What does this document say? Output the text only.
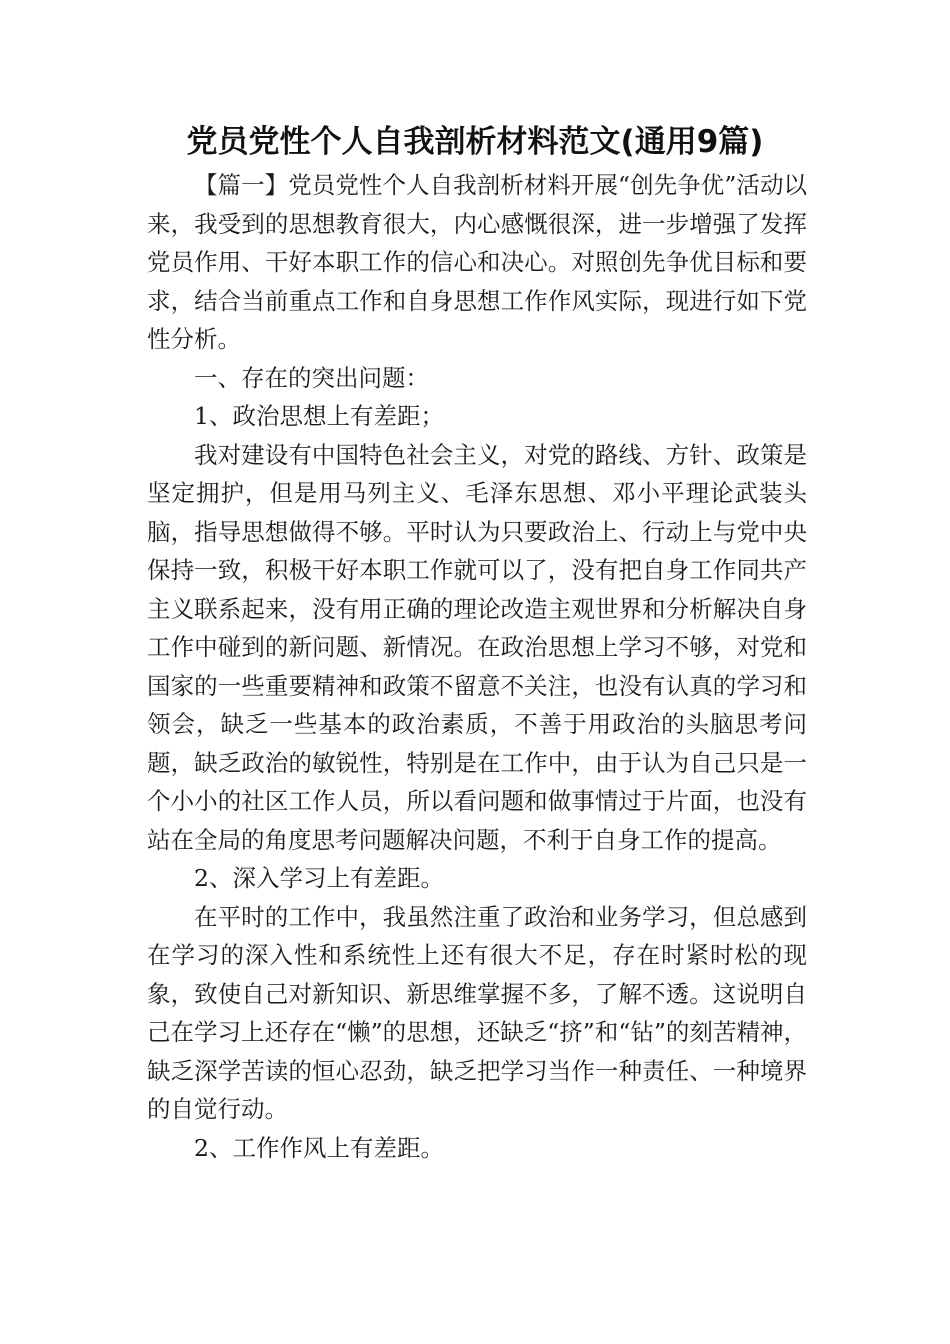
党员党性个人自我剖析材料范文(通用9篇)

【篇一】党员党性个人自我剖析材料开展“创先争优”活动以来，我受到的思想教育很大，内心感慨很深，进一步增强了发挥党员作用、干好本职工作的信心和决心。对照创先争优目标和要求，结合当前重点工作和自身思想工作作风实际，现进行如下党性分析。

一、存在的突出问题：

1、政治思想上有差距；

我对建设有中国特色社会主义，对党的路线、方针、政策是坚定拥护，但是用马列主义、毛泽东思想、邓小平理论武装头脑，指导思想做得不够。平时认为只要政治上、行动上与党中央保持一致，积极干好本职工作就可以了，没有把自身工作同共产主义联系起来，没有用正确的理论改造主观世界和分析解决自身工作中碰到的新问题、新情况。在政治思想上学习不够，对党和国家的一些重要精神和政策不留意不关注，也没有认真的学习和领会，缺乏一些基本的政治素质，不善于用政治的头脑思考问题，缺乏政治的敏锐性，特别是在工作中，由于认为自己只是一个小小的社区工作人员，所以看问题和做事情过于片面，也没有站在全局的角度思考问题解决问题，不利于自身工作的提高。

2、深入学习上有差距。

在平时的工作中，我虽然注重了政治和业务学习，但总感到在学习的深入性和系统性上还有很大不足，存在时紧时松的现象，致使自己对新知识、新思维掌握不多，了解不透。这说明自己在学习上还存在“懒”的思想，还缺乏“挤”和“钻”的刻苦精神，缺乏深学苦读的恒心忍劲，缺乏把学习当作一种责任、一种境界的自觉行动。

2、工作作风上有差距。
